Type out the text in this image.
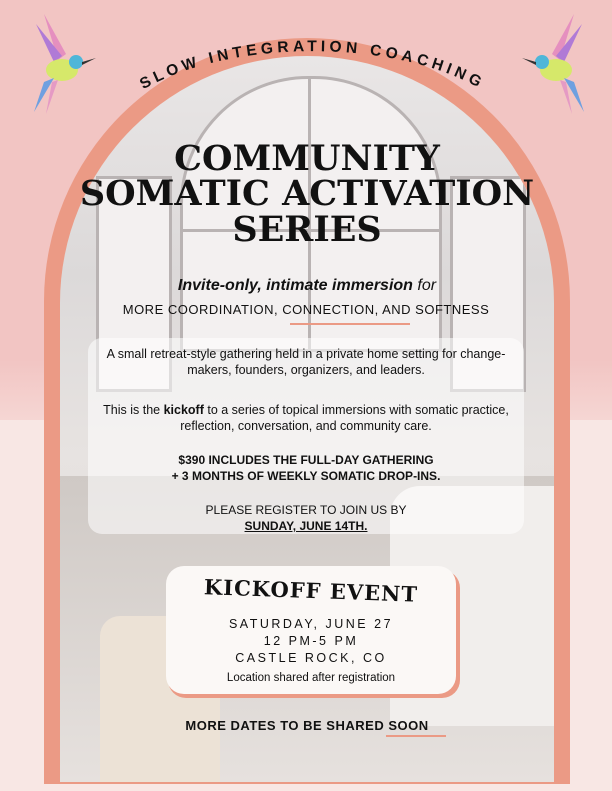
SLOW INTEGRATION COACHING
COMMUNITY
SOMATIC ACTIVATION
SERIES
Invite-only, intimate immersion for
MORE COORDINATION, CONNECTION, AND SOFTNESS
A small retreat-style gathering held in a private home setting for change-makers, founders, organizers, and leaders.
This is the kickoff to a series of topical immersions with somatic practice, reflection, conversation, and community care.
$390 INCLUDES THE FULL-DAY GATHERING
+ 3 MONTHS OF WEEKLY SOMATIC DROP-INS.
PLEASE REGISTER TO JOIN US BY
SUNDAY, JUNE 14TH.
KICKOFF EVENT
SATURDAY, JUNE 27
12 PM-5 PM
CASTLE ROCK, CO
Location shared after registration
MORE DATES TO BE SHARED SOON
